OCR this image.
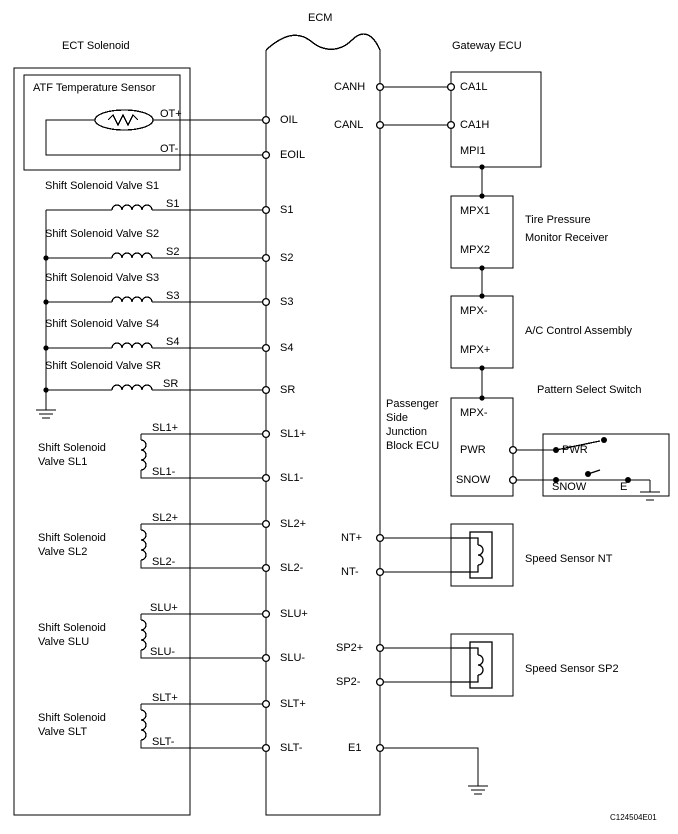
ECT Solenoid
ECM
Gateway ECU
ATF Temperature Sensor
OT+
OT-
Shift Solenoid Valve S1
S1
Shift Solenoid Valve S2
S2
Shift Solenoid Valve S3
S3
Shift Solenoid Valve S4
S4
Shift Solenoid Valve SR
SR
Shift Solenoid
Valve SL1
SL1+
SL1-
Shift Solenoid
Valve SL2
SL2+
SL2-
Shift Solenoid
Valve SLU
SLU+
SLU-
Shift Solenoid
Valve SLT
SLT+
SLT-
OIL
EOIL
S1
S2
S3
S4
SR
SL1+
SL1-
SL2+
SL2-
SLU+
SLU-
SLT+
SLT-
CANH
CANL
NT+
NT-
SP2+
SP2-
E1
CA1L
CA1H
MPI1
MPX1
MPX2
Tire Pressure
Monitor Receiver
MPX-
MPX+
A/C Control Assembly
Passenger
Side
Junction
Block ECU
MPX-
PWR
SNOW
Pattern Select Switch
PWR
SNOW	E
Speed Sensor NT
Speed Sensor SP2
C124504E01
